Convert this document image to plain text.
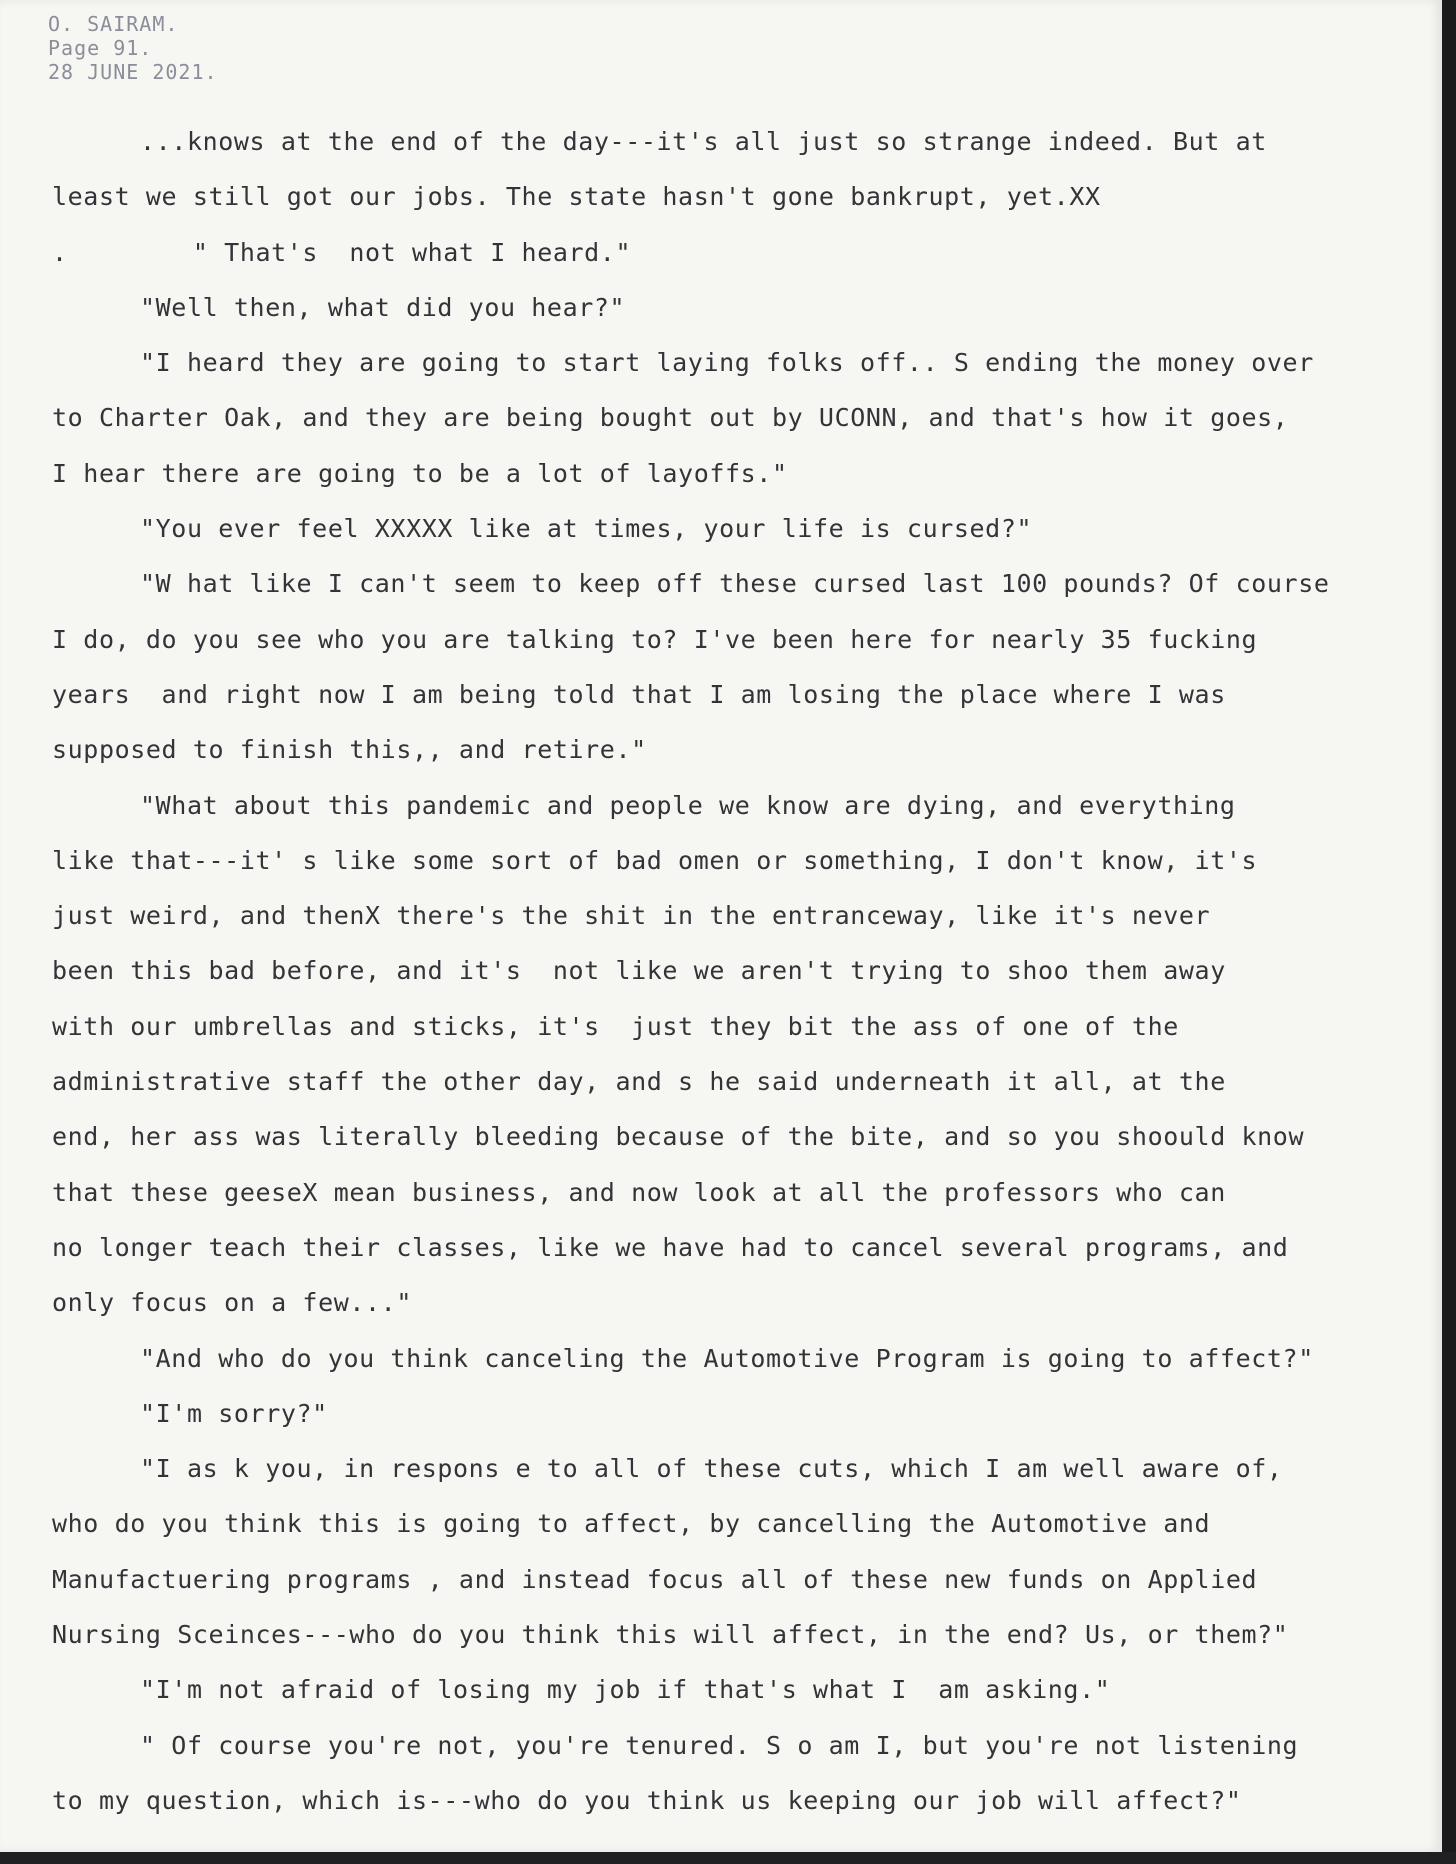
O. SAIRAM.
Page 91.
28 JUNE 2021.
...knows at the end of the day---it's all just so strange indeed. But at
least we still got our jobs. The state hasn't gone bankrupt, yet.XX
.        " That's  not what I heard."
"Well then, what did you hear?"
"I heard they are going to start laying folks off.. S ending the money over
to Charter Oak, and they are being bought out by UCONN, and that's how it goes,
I hear there are going to be a lot of layoffs."
"You ever feel XXXXX like at times, your life is cursed?"
"W hat like I can't seem to keep off these cursed last 100 pounds? Of course
I do, do you see who you are talking to? I've been here for nearly 35 fucking
years  and right now I am being told that I am losing the place where I was
supposed to finish this,, and retire."
"What about this pandemic and people we know are dying, and everything
like that---it' s like some sort of bad omen or something, I don't know, it's
just weird, and thenX there's the shit in the entranceway, like it's never
been this bad before, and it's  not like we aren't trying to shoo them away
with our umbrellas and sticks, it's  just they bit the ass of one of the
administrative staff the other day, and s he said underneath it all, at the
end, her ass was literally bleeding because of the bite, and so you shoould know
that these geeseX mean business, and now look at all the professors who can
no longer teach their classes, like we have had to cancel several programs, and
only focus on a few..."
"And who do you think canceling the Automotive Program is going to affect?"
"I'm sorry?"
"I as k you, in respons e to all of these cuts, which I am well aware of,
who do you think this is going to affect, by cancelling the Automotive and
Manufactuering programs , and instead focus all of these new funds on Applied
Nursing Sceinces---who do you think this will affect, in the end? Us, or them?"
"I'm not afraid of losing my job if that's what I  am asking."
" Of course you're not, you're tenured. S o am I, but you're not listening
to my question, which is---who do you think us keeping our job will affect?"
